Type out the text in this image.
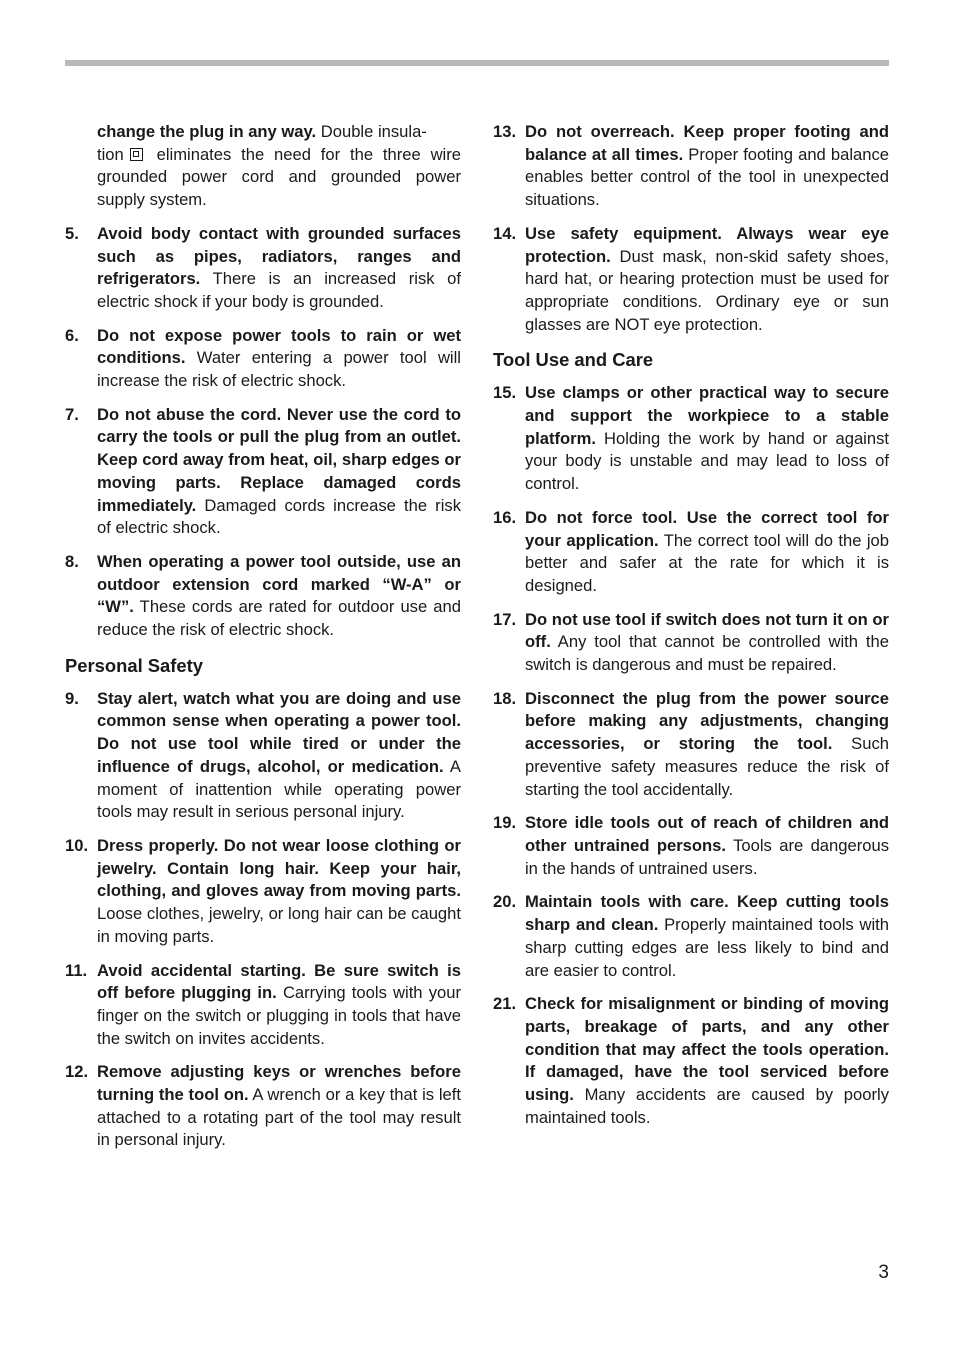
change the plug in any way. Double insula-
tion eliminates the need for the three wire grounded power cord and grounded power supply system.
5. Avoid body contact with grounded surfaces such as pipes, radiators, ranges and refrigerators. There is an increased risk of electric shock if your body is grounded.
6. Do not expose power tools to rain or wet conditions. Water entering a power tool will increase the risk of electric shock.
7. Do not abuse the cord. Never use the cord to carry the tools or pull the plug from an outlet. Keep cord away from heat, oil, sharp edges or moving parts. Replace damaged cords immediately. Damaged cords increase the risk of electric shock.
8. When operating a power tool outside, use an outdoor extension cord marked “W-A” or “W”. These cords are rated for outdoor use and reduce the risk of electric shock.
Personal Safety
9. Stay alert, watch what you are doing and use common sense when operating a power tool. Do not use tool while tired or under the influence of drugs, alcohol, or medication. A moment of inattention while operating power tools may result in serious personal injury.
10. Dress properly. Do not wear loose clothing or jewelry. Contain long hair. Keep your hair, clothing, and gloves away from moving parts. Loose clothes, jewelry, or long hair can be caught in moving parts.
11. Avoid accidental starting. Be sure switch is off before plugging in. Carrying tools with your finger on the switch or plugging in tools that have the switch on invites accidents.
12. Remove adjusting keys or wrenches before turning the tool on. A wrench or a key that is left attached to a rotating part of the tool may result in personal injury.
13. Do not overreach. Keep proper footing and balance at all times. Proper footing and balance enables better control of the tool in unexpected situations.
14. Use safety equipment. Always wear eye protection. Dust mask, non-skid safety shoes, hard hat, or hearing protection must be used for appropriate conditions. Ordinary eye or sun glasses are NOT eye protection.
Tool Use and Care
15. Use clamps or other practical way to secure and support the workpiece to a stable platform. Holding the work by hand or against your body is unstable and may lead to loss of control.
16. Do not force tool. Use the correct tool for your application. The correct tool will do the job better and safer at the rate for which it is designed.
17. Do not use tool if switch does not turn it on or off. Any tool that cannot be controlled with the switch is dangerous and must be repaired.
18. Disconnect the plug from the power source before making any adjustments, changing accessories, or storing the tool. Such preventive safety measures reduce the risk of starting the tool accidentally.
19. Store idle tools out of reach of children and other untrained persons. Tools are dangerous in the hands of untrained users.
20. Maintain tools with care. Keep cutting tools sharp and clean. Properly maintained tools with sharp cutting edges are less likely to bind and are easier to control.
21. Check for misalignment or binding of moving parts, breakage of parts, and any other condition that may affect the tools operation. If damaged, have the tool serviced before using. Many accidents are caused by poorly maintained tools.
3
